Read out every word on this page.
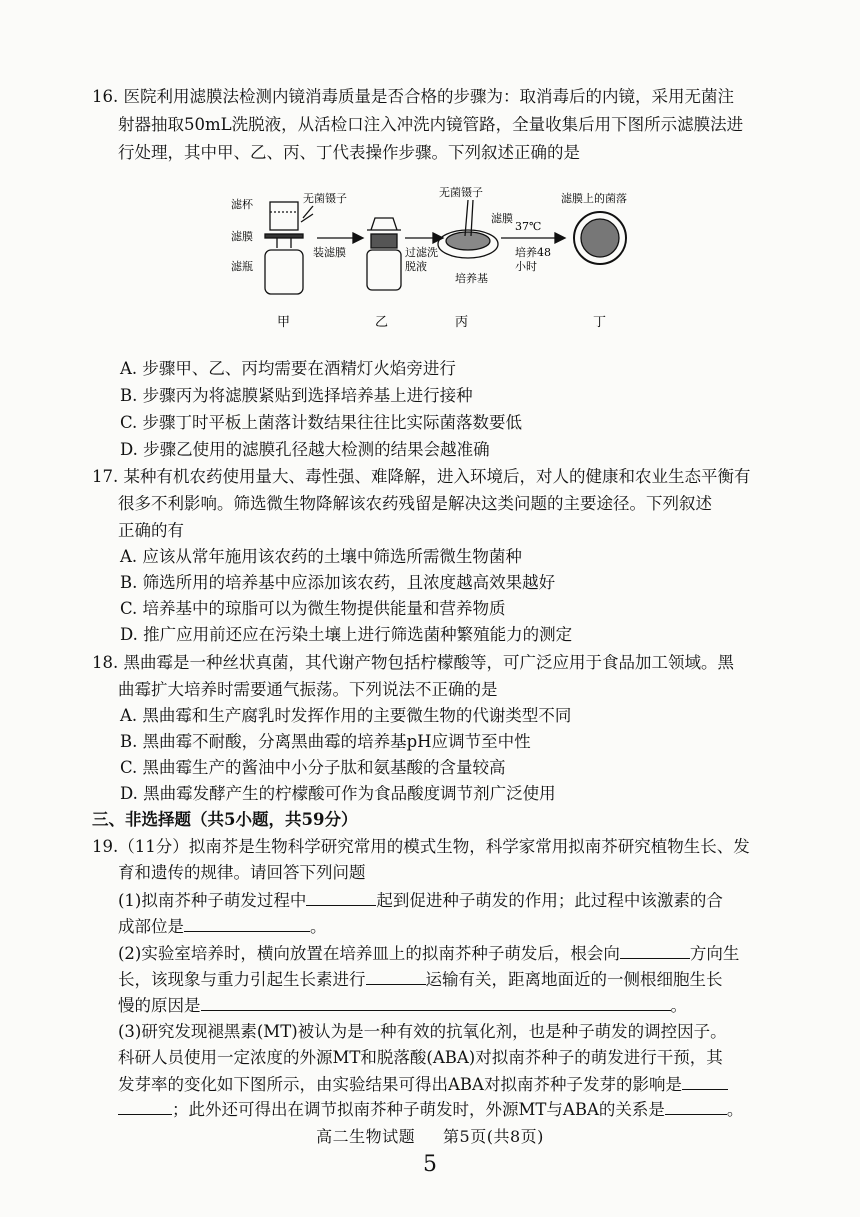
16. 医院利用滤膜法检测内镜消毒质量是否合格的步骤为：取消毒后的内镜，采用无菌注
射器抽取50mL洗脱液，从活检口注入冲洗内镜管路，全量收集后用下图所示滤膜法进
行处理，其中甲、乙、丙、丁代表操作步骤。下列叙述正确的是
滤杯	无菌镊子
滤膜
滤瓶
装滤膜	过滤洗
脱液
无菌镊子
滤膜
37℃
培养48
小时
培养基
滤膜上的菌落
甲	乙	丙	丁
A. 步骤甲、乙、丙均需要在酒精灯火焰旁进行
B. 步骤丙为将滤膜紧贴到选择培养基上进行接种
C. 步骤丁时平板上菌落计数结果往往比实际菌落数要低
D. 步骤乙使用的滤膜孔径越大检测的结果会越准确
17. 某种有机农药使用量大、毒性强、难降解，进入环境后，对人的健康和农业生态平衡有
很多不利影响。筛选微生物降解该农药残留是解决这类问题的主要途径。下列叙述
正确的有
A. 应该从常年施用该农药的土壤中筛选所需微生物菌种
B. 筛选所用的培养基中应添加该农药，且浓度越高效果越好
C. 培养基中的琼脂可以为微生物提供能量和营养物质
D. 推广应用前还应在污染土壤上进行筛选菌种繁殖能力的测定
18. 黑曲霉是一种丝状真菌，其代谢产物包括柠檬酸等，可广泛应用于食品加工领域。黑
曲霉扩大培养时需要通气振荡。下列说法不正确的是
A. 黑曲霉和生产腐乳时发挥作用的主要微生物的代谢类型不同
B. 黑曲霉不耐酸，分离黑曲霉的培养基pH应调节至中性
C. 黑曲霉生产的酱油中小分子肽和氨基酸的含量较高
D. 黑曲霉发酵产生的柠檬酸可作为食品酸度调节剂广泛使用
三、非选择题（共5小题，共59分）
19.（11分）拟南芥是生物科学研究常用的模式生物，科学家常用拟南芥研究植物生长、发
育和遗传的规律。请回答下列问题
(1)拟南芥种子萌发过程中	起到促进种子萌发的作用；此过程中该激素的合
成部位是	。
(2)实验室培养时，横向放置在培养皿上的拟南芥种子萌发后，根会向	方向生
长，该现象与重力引起生长素进行	运输有关，距离地面近的一侧根细胞生长
慢的原因是	。
(3)研究发现褪黑素(MT)被认为是一种有效的抗氧化剂，也是种子萌发的调控因子。
科研人员使用一定浓度的外源MT和脱落酸(ABA)对拟南芥种子的萌发进行干预，其
发芽率的变化如下图所示，由实验结果可得出ABA对拟南芥种子发芽的影响是
；此外还可得出在调节拟南芥种子萌发时，外源MT与ABA的关系是	。
高二生物试题 第5页(共8页)
5
